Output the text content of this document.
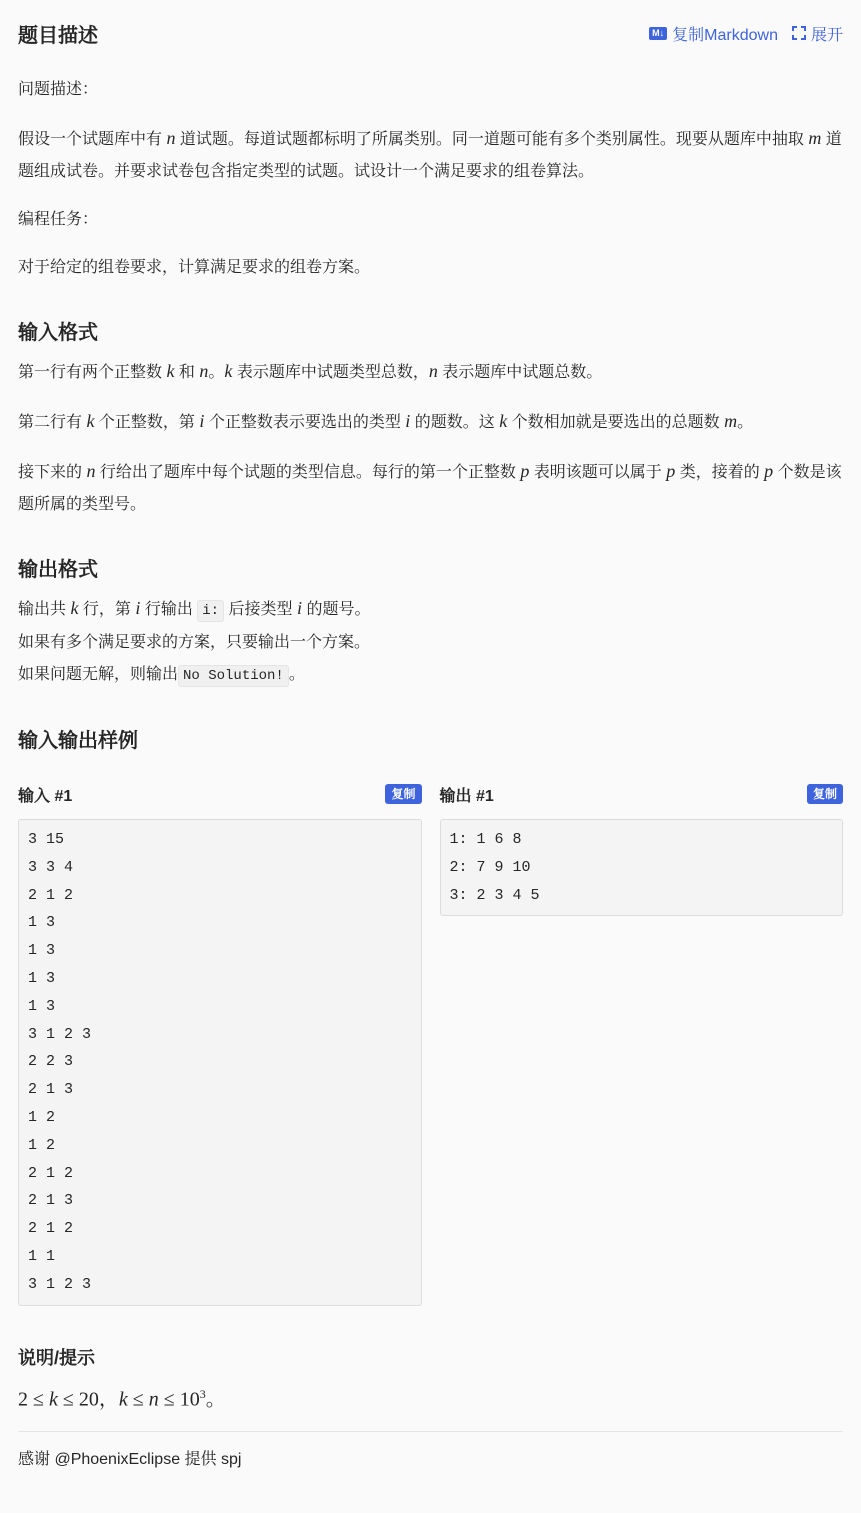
题目描述	M↓ 复制Markdown 展开

问题描述：

假设一个试题库中有 n 道试题。每道试题都标明了所属类别。同一道题可能有多个类别属性。现要从题库中抽取 m 道题组成试卷。并要求试卷包含指定类型的试题。试设计一个满足要求的组卷算法。

编程任务：

对于给定的组卷要求，计算满足要求的组卷方案。

输入格式

第一行有两个正整数 k 和 n。k 表示题库中试题类型总数，n 表示题库中试题总数。

第二行有 k 个正整数，第 i 个正整数表示要选出的类型 i 的题数。这 k 个数相加就是要选出的总题数 m。

接下来的 n 行给出了题库中每个试题的类型信息。每行的第一个正整数 p 表明该题可以属于 p 类，接着的 p 个数是该题所属的类型号。

输出格式

输出共 k 行，第 i 行输出 i: 后接类型 i 的题号。

如果有多个满足要求的方案，只要输出一个方案。

如果问题无解，则输出 No Solution! 。

输入输出样例
输入 #1	复制
3 15
3 3 4
2 1 2
1 3
1 3
1 3
1 3
3 1 2 3
2 2 3
2 1 3
1 2
1 2
2 1 2
2 1 3
2 1 2
1 1
3 1 2 3
输出 #1	复制
1: 1 6 8
2: 7 9 10
3: 2 3 4 5
说明/提示
2 ≤ k ≤ 20，$k \le n \le 10^3$。
感谢 @PhoenixEclipse 提供 spj
